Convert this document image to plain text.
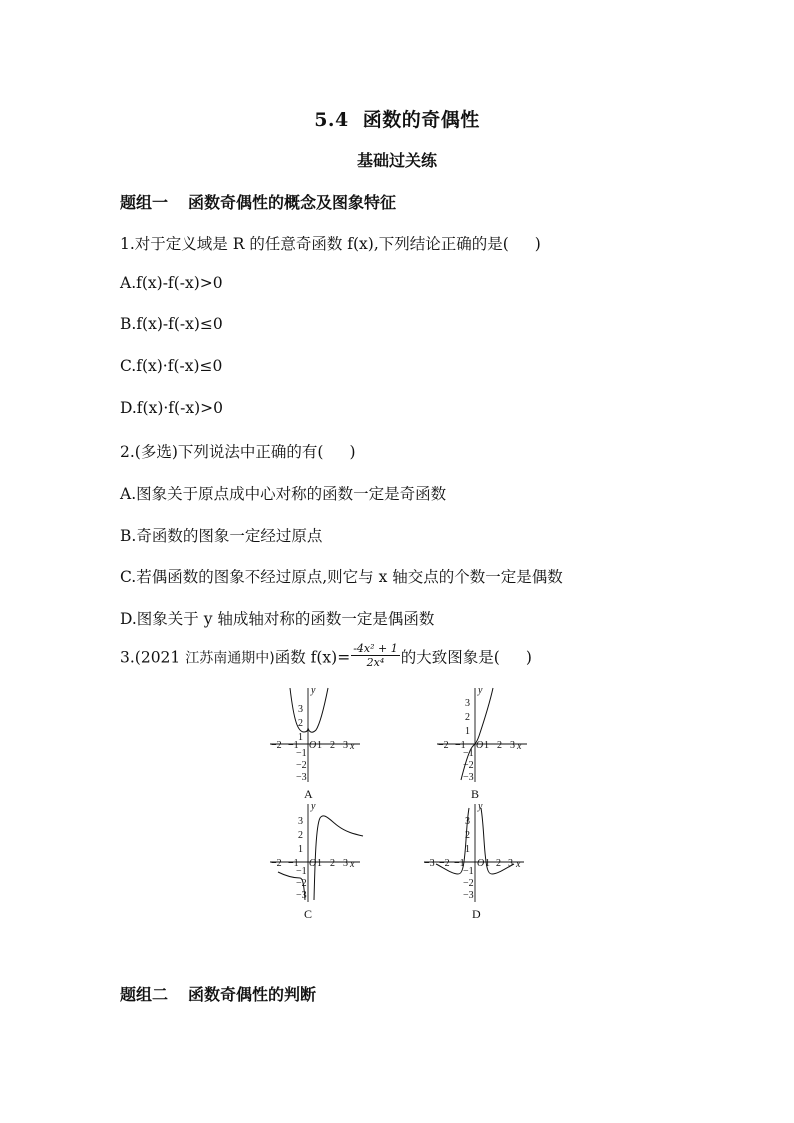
5.4 函数的奇偶性
基础过关练
题组一 函数奇偶性的概念及图象特征
1.对于定义域是 R 的任意奇函数 f(x),下列结论正确的是( )
A.f(x)-f(-x)>0
B.f(x)-f(-x)≤0
C.f(x)·f(-x)≤0
D.f(x)·f(-x)>0
2.(多选)下列说法中正确的有( )
A.图象关于原点成中心对称的函数一定是奇函数
B.奇函数的图象一定经过原点
C.若偶函数的图象不经过原点,则它与 x 轴交点的个数一定是偶数
D.图象关于 y 轴成轴对称的函数一定是偶函数
3.(2021 江苏南通期中)函数 $f(x)= \frac{\text{-4x² + 1}}{\text{2x⁴}}$ 的大致图象是( )
y
x
3
2
1
−2 −1 O 1 2 3
−1
−2
−3
A
y
x
3
2
1
−2 −1 O 1 2 3
−1
−2
−3
B
y
x
3
2
1
−2 −1 O 1 2 3
−1
−2
−3
C
y
x
3
2
1
−3 −2 −1 O 1 2 3
−1
−2
−3
D
题组二 函数奇偶性的判断
